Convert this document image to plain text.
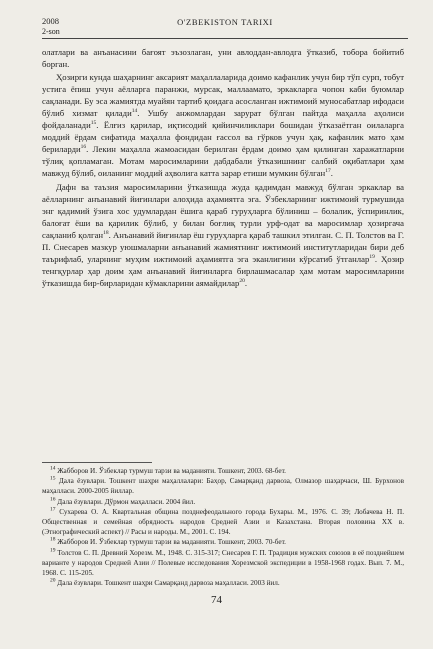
2008
2-son
O'ZBEKISTON TARIXI

олатлари ва анъанасини бағоят эъзозлаган, уни авлоддан-авлодга ўтказиб, тобора бойитиб борган.

Ҳозирги кунда шаҳарнинг аксарият маҳаллаларида доимо кафанлик учун бир тўп сурп, тобут устига ёпиш учун аёлларга паранжи, мурсак, маллаамато, эркакларга чопон каби буюмлар сақланади. Бу эса жамиятда муайян тартиб қоидага асосланган ижтимоий муносабатлар ифодаси бўлиб хизмат қилади$^{14}$. Ушбу анжомлардан зарурат бўлган пайтда маҳалла аҳолиси фойдаланади$^{15}$. Ёлғиз қарилар, иқтисодий қийинчиликлари бошидан ўтказаётган оилаларга моддий ёрдам сифатида маҳалла фондидан ғассол ва гўрков учун ҳақ, кафанлик мато ҳам бериларди$^{16}$. Лекин маҳалла жамоасидан берилган ёрдам доимо ҳам қилинган харажатларни тўлиқ қопламаган. Мотам маросимларини дабдабали ўтказишнинг салбий оқибатлари ҳам мавжуд бўлиб, оиланинг моддий аҳволига катта зарар етиши мумкин бўлган$^{17}$.

Дафн ва таъзия маросимларини ўтказишда жуда қадимдан мавжуд бўлган эркаклар ва аёлларнинг анъанавий йиғинлари алоҳида аҳамиятга эга. Ўзбекларнинг ижтимоий турмушида энг қадимий ўзига хос удумлардан ёшига қараб гуруҳларга бўлиниш – болалик, ўспиринлик, балоғат ёши ва қарилик бўлиб, у билан боғлиқ турли урф-одат ва маросимлар ҳозиргача сақланиб қолган$^{18}$. Анъанавий йиғинлар ёш гуруҳларга қараб ташкил этилган. С. П. Толстов ва Г. П. Снесарев мазкур уюшмаларни анъанавий жамиятнинг ижтимоий институтларидан бири деб таърифлаб, уларнинг муҳим ижтимоий аҳамиятга эга эканлигини кўрсатиб ўтганлар$^{19}$. Ҳозир тенгқурлар ҳар доим ҳам анъанавий йиғинларга бирлашмасалар ҳам мотам маросимларини ўтказишда бир-бирларидан кўмакларини аямайдилар$^{20}$.

$^{14}$ Жабборов И. Ўзбеклар турмуш тарзи ва маданияти. Тошкент, 2003. 68-бет.

$^{15}$ Дала ёзувлари. Тошкент шаҳри маҳаллалари: Баҳор, Самарқанд дарвоза, Олмазор шаҳарчаси, Ш. Бурхонов маҳалласи. 2000-2005 йиллар.

$^{16}$ Дала ёзувлари. Дўрмон маҳалласи. 2004 йил.

$^{17}$ Сухарева О. А. Квартальная община позднефеодального города Бухары. М., 1976. С. 39; Лобачева Н. П. Общественная и семейная обрядность народов Средней Азии и Казахстана. Вторая половина XX в. (Этнографический аспект) // Расы и народы. М., 2001. С. 194.

$^{18}$ Жабборов И. Ўзбеклар турмуш тарзи ва маданияти. Тошкент, 2003. 70-бет.

$^{19}$ Толстов С. П. Древний Хорезм. М., 1948. С. 315-317; Снесарев Г. П. Традиция мужских союзов в её позднейшем варианте у народов Средней Азии // Полевые исследования Хорезмской экспедиции в 1958-1968 годах. Вып. 7. М., 1968. С. 115-205.

$^{20}$ Дала ёзувлари. Тошкент шаҳри Самарқанд дарвоза маҳалласи. 2003 йил.

74
